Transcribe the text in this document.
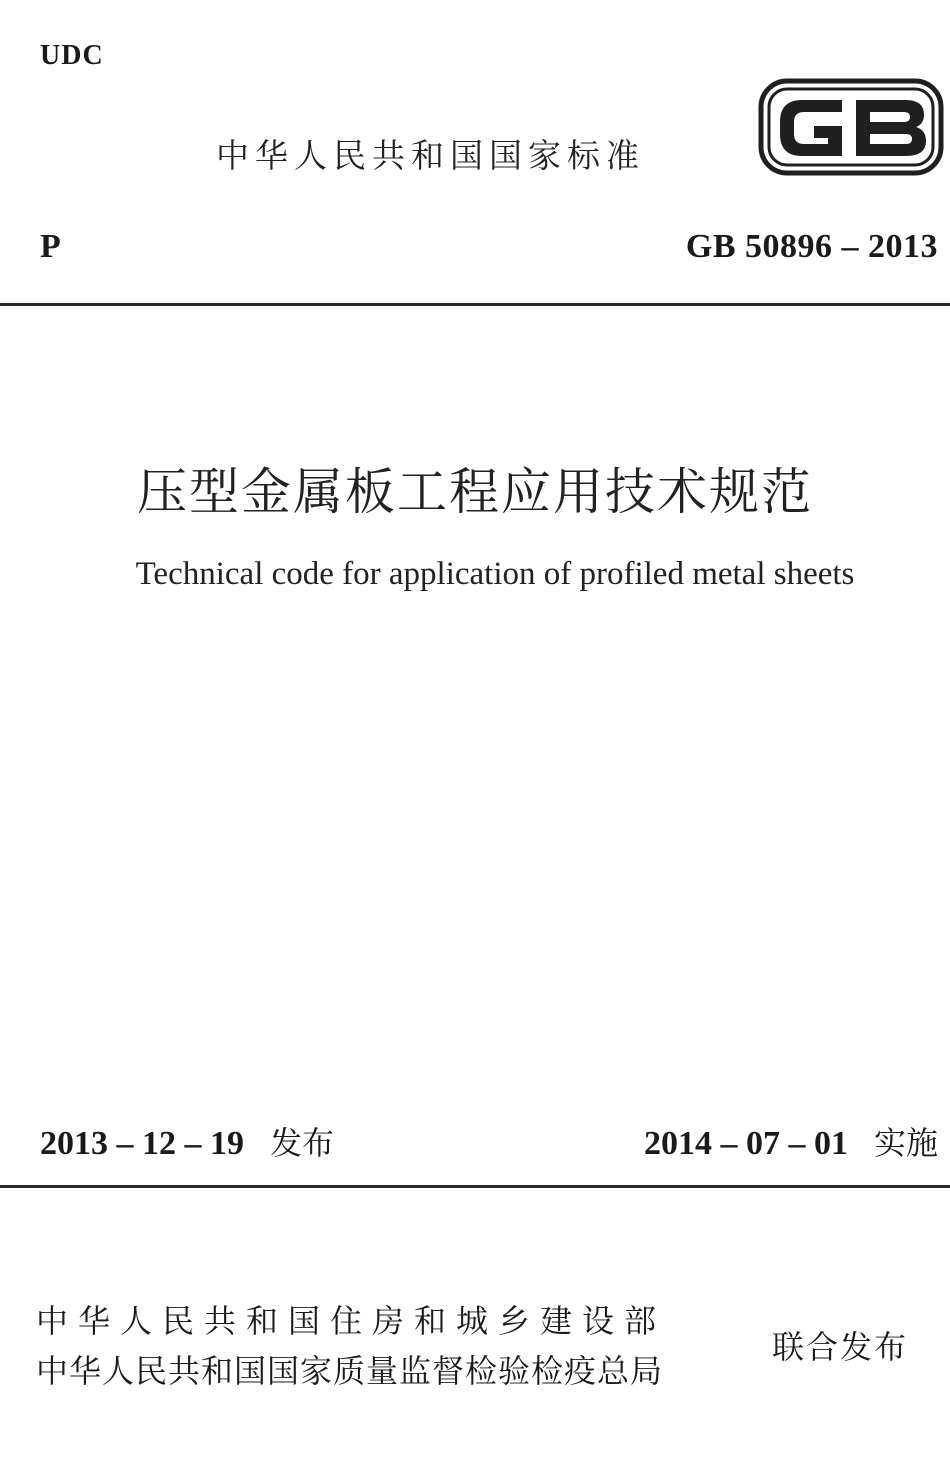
UDC
中华人民共和国国家标准
P	GB 50896 – 2013
压型金属板工程应用技术规范
Technical code for application of profiled metal sheets
2013 – 12 – 19 发布	2014 – 07 – 01 实施
中华人民共和国住房和城乡建设部
中华人民共和国国家质量监督检验检疫总局
联合发布
